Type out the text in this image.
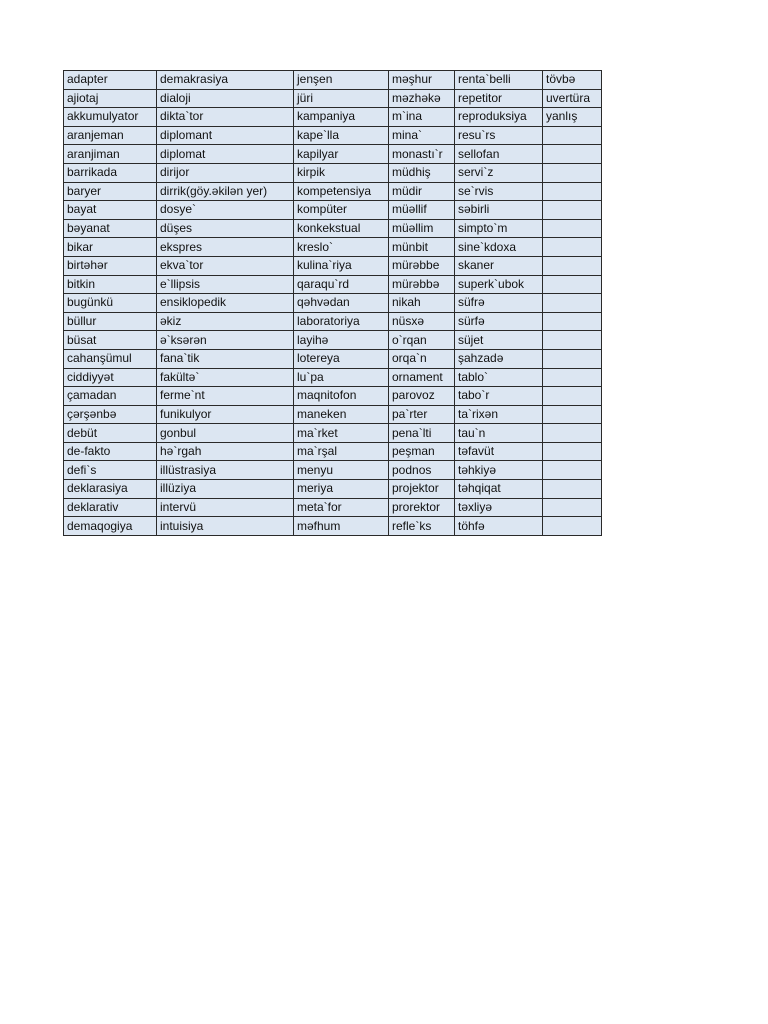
adapter	demakrasiya	jenşen	məşhur	renta`belli	tövbə
ajiotaj	dialoji	jüri	məzhəkə	repetitor	uvertüra
akkumulyator	dikta`tor	kampaniya	m`ina	reproduksiya	yanlış
aranjeman	diplomant	kape`lla	mina`	resu`rs	
aranjiman	diplomat	kapilyar	monastı`r	sellofan	
barrikada	dirijor	kirpik	müdhiş	servi`z	
baryer	dirrik(göy.əkilən yer)	kompetensiya	müdir	se`rvis	
bayat	dosye`	kompüter	müəllif	səbirli	
bəyanat	düşes	konkekstual	müəllim	simpto`m	
bikar	ekspres	kreslo`	münbit	sine`kdoxa	
birtəhər	ekva`tor	kulina`riya	mürəbbe	skaner	
bitkin	e`llipsis	qaraqu`rd	mürəbbə	superk`ubok	
bugünkü	ensiklopedik	qəhvədan	nikah	süfrə	
büllur	əkiz	laboratoriya	nüsxə	sürfə	
büsat	ə`ksərən	layihə	o`rqan	süjet	
cahanşümul	fana`tik	lotereya	orqa`n	şahzadə	
ciddiyyət	fakültə`	lu`pa	ornament	tablo`	
çamadan	ferme`nt	maqnitofon	parovoz	tabo`r	
çərşənbə	funikulyor	maneken	pa`rter	ta`rixən	
debüt	gonbul	ma`rket	pena`lti	tau`n	
de-fakto	hə`rgah	ma`rşal	peşman	təfavüt	
defi`s	illüstrasiya	menyu	podnos	təhkiyə	
deklarasiya	illüziya	meriya	projektor	təhqiqat	
deklarativ	intervü	meta`for	prorektor	təxliyə	
demaqogiya	intuisiya	məfhum	refle`ks	töhfə	
